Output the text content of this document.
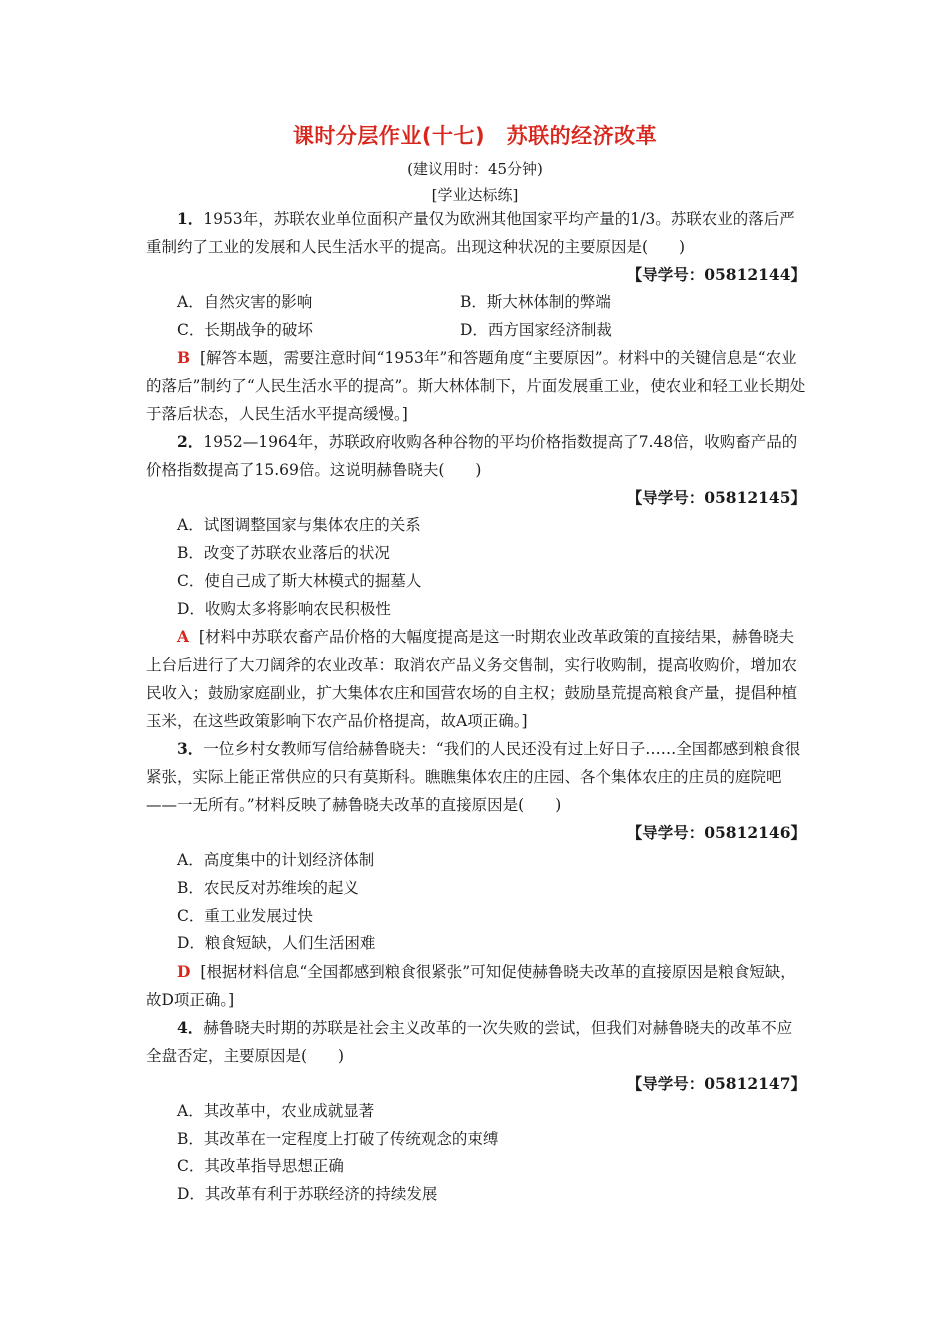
课时分层作业(十七)　苏联的经济改革
(建议用时：45分钟)
[学业达标练]

1．1953年，苏联农业单位面积产量仅为欧洲其他国家平均产量的1/3。苏联农业的落后严重制约了工业的发展和人民生活水平的提高。出现这种状况的主要原因是(　　)

【导学号：05812144】

A．自然灾害的影响	B．斯大林体制的弊端
C．长期战争的破坏	D．西方国家经济制裁

B [解答本题，需要注意时间“1953年”和答题角度“主要原因”。材料中的关键信息是“农业的落后”制约了“人民生活水平的提高”。斯大林体制下，片面发展重工业，使农业和轻工业长期处于落后状态，人民生活水平提高缓慢。]

2．1952—1964年，苏联政府收购各种谷物的平均价格指数提高了7.48倍，收购畜产品的价格指数提高了15.69倍。这说明赫鲁晓夫(　　)

【导学号：05812145】

A．试图调整国家与集体农庄的关系

B．改变了苏联农业落后的状况

C．使自己成了斯大林模式的掘墓人

D．收购太多将影响农民积极性

A [材料中苏联农畜产品价格的大幅度提高是这一时期农业改革政策的直接结果，赫鲁晓夫上台后进行了大刀阔斧的农业改革：取消农产品义务交售制，实行收购制，提高收购价，增加农民收入；鼓励家庭副业，扩大集体农庄和国营农场的自主权；鼓励垦荒提高粮食产量，提倡种植玉米，在这些政策影响下农产品价格提高，故A项正确。]

3．一位乡村女教师写信给赫鲁晓夫：“我们的人民还没有过上好日子……全国都感到粮食很紧张，实际上能正常供应的只有莫斯科。瞧瞧集体农庄的庄园、各个集体农庄的庄员的庭院吧——一无所有。”材料反映了赫鲁晓夫改革的直接原因是(　　)

【导学号：05812146】

A．高度集中的计划经济体制

B．农民反对苏维埃的起义

C．重工业发展过快

D．粮食短缺，人们生活困难

D [根据材料信息“全国都感到粮食很紧张”可知促使赫鲁晓夫改革的直接原因是粮食短缺，故D项正确。]

4．赫鲁晓夫时期的苏联是社会主义改革的一次失败的尝试，但我们对赫鲁晓夫的改革不应全盘否定，主要原因是(　　)

【导学号：05812147】

A．其改革中，农业成就显著

B．其改革在一定程度上打破了传统观念的束缚

C．其改革指导思想正确

D．其改革有利于苏联经济的持续发展
